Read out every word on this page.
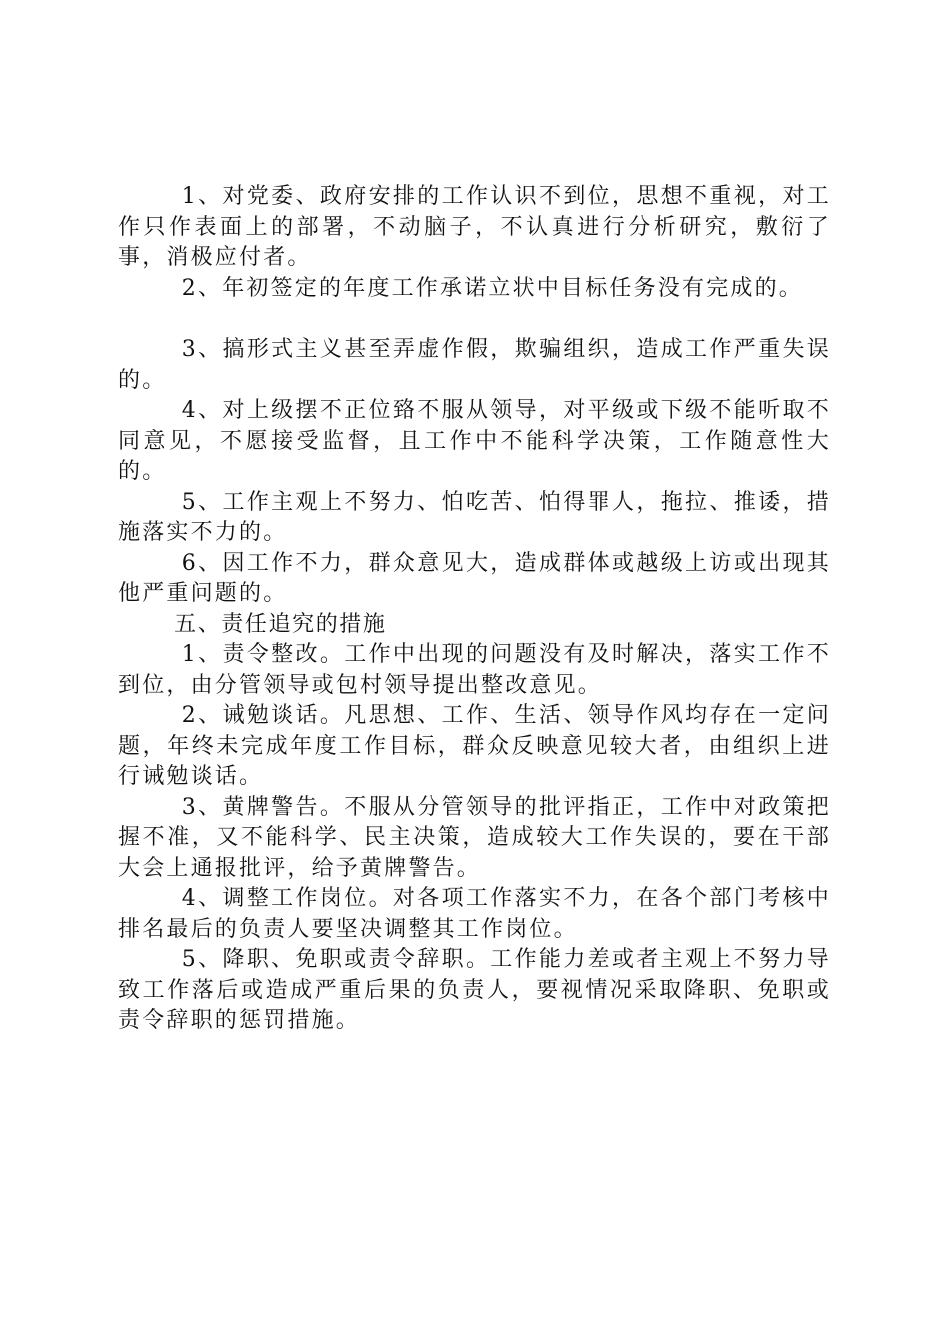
1、对党委、政府安排的工作认识不到位，思想不重视，对工作只作表面上的部署，不动脑子，不认真进行分析研究，敷衍了事，消极应付者。

2、年初签定的年度工作承诺立状中目标任务没有完成的。

3、搞形式主义甚至弄虚作假，欺骗组织，造成工作严重失误的。

4、对上级摆不正位臵不服从领导，对平级或下级不能听取不同意见，不愿接受监督，且工作中不能科学决策，工作随意性大的。

5、工作主观上不努力、怕吃苦、怕得罪人，拖拉、推诿，措施落实不力的。

6、因工作不力，群众意见大，造成群体或越级上访或出现其他严重问题的。

五、责任追究的措施

1、责令整改。工作中出现的问题没有及时解决，落实工作不到位，由分管领导或包村领导提出整改意见。

2、诫勉谈话。凡思想、工作、生活、领导作风均存在一定问题，年终未完成年度工作目标，群众反映意见较大者，由组织上进行诫勉谈话。

3、黄牌警告。不服从分管领导的批评指正，工作中对政策把握不准，又不能科学、民主决策，造成较大工作失误的，要在干部大会上通报批评，给予黄牌警告。

4、调整工作岗位。对各项工作落实不力，在各个部门考核中排名最后的负责人要坚决调整其工作岗位。

5、降职、免职或责令辞职。工作能力差或者主观上不努力导致工作落后或造成严重后果的负责人，要视情况采取降职、免职或责令辞职的惩罚措施。
